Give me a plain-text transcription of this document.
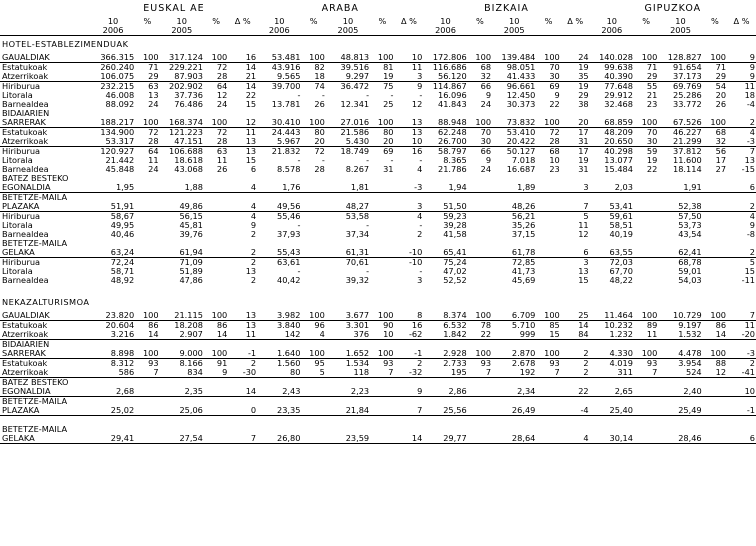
	EUSKAL AE					ARABA					BIZKAIA					GIPUZKOA				
	10	%	10	%	Δ %	10	%	10	%	Δ %	10	%	10	%	Δ %	10	%	10	%	Δ %
	2006		2005			2006		2005			2006		2005			2006		2005		
HOTEL-ESTABLEZIMENDUAK																				
GAUALDIAK	366.315	100	317.124	100	16	53.481	100	48.813	100	10	172.806	100	139.484	100	24	140.028	100	128.827	100	9
Estatukoak	260.240	71	229.221	72	14	43.916	82	39.516	81	11	116.686	68	98.051	70	19	99.638	71	91.654	71	9
Atzerrikoak	106.075	29	87.903	28	21	9.565	18	9.297	19	3	56.120	32	41.433	30	35	40.390	29	37.173	29	9
Hiriburua	232.215	63	202.902	64	14	39.700	74	36.472	75	9	114.867	66	96.661	69	19	77.648	55	69.769	54	11
Litorala	46.008	13	37.736	12	22	-	-	-	-	-	16.096	9	12.450	9	29	29.912	21	25.286	20	18
Barnealdea	88.092	24	76.486	24	15	13.781	26	12.341	25	12	41.843	24	30.373	22	38	32.468	23	33.772	26	-4
BIDAIARIEN																				
SARRERAK	188.217	100	168.374	100	12	30.410	100	27.016	100	13	88.948	100	73.832	100	20	68.859	100	67.526	100	2
Estatukoak	134.900	72	121.223	72	11	24.443	80	21.586	80	13	62.248	70	53.410	72	17	48.209	70	46.227	68	4
Atzerrikoak	53.317	28	47.151	28	13	5.967	20	5.430	20	10	26.700	30	20.422	28	31	20.650	30	21.299	32	-3
Hiriburua	120.927	64	106.688	63	13	21.832	72	18.749	69	16	58.797	66	50.127	68	17	40.298	59	37.812	56	7
Litorala	21.442	11	18.618	11	15	-	-	-	-	-	8.365	9	7.018	10	19	13.077	19	11.600	17	13
Barnealdea	45.848	24	43.068	26	6	8.578	28	8.267	31	4	21.786	24	16.687	23	31	15.484	22	18.114	27	-15
BATEZ BESTEKO																				
EGONALDIA	1,95		1,88		4	1,76		1,81		-3	1,94		1,89		3	2,03		1,91		6
BETETZE-MAILA																				
PLAZAKA	51,91		49,86		4	49,56		48,27		3	51,50		48,26		7	53,41		52,38		2
Hiriburua	58,67		56,15		4	55,46		53,58		4	59,23		56,21		5	59,61		57,50		4
Litorala	49,95		45,81		9	-		-		-	39,28		35,26		11	58,51		53,73		9
Barnealdea	40,46		39,76		2	37,93		37,34		2	41,58		37,15		12	40,19		43,54		-8
BETETZE-MAILA																				
GELAKA	63,24		61,94		2	55,43		61,31		-10	65,41		61,78		6	63,55		62,41		2
Hiriburua	72,24		71,09		2	63,61		70,61		-10	75,24		72,85		3	72,03		68,78		5
Litorala	58,71		51,89		13	-		-		-	47,02		41,73		13	67,70		59,01		15
Barnealdea	48,92		47,86		2	40,42		39,32		3	52,52		45,69		15	48,22		54,03		-11

NEKAZALTURISMOA																				
GAUALDIAK	23.820	100	21.115	100	13	3.982	100	3.677	100	8	8.374	100	6.709	100	25	11.464	100	10.729	100	7
Estatukoak	20.604	86	18.208	86	13	3.840	96	3.301	90	16	6.532	78	5.710	85	14	10.232	89	9.197	86	11
Atzerrikoak	3.216	14	2.907	14	11	142	4	376	10	-62	1.842	22	999	15	84	1.232	11	1.532	14	-20
BIDAIARIEN																				
SARRERAK	8.898	100	9.000	100	-1	1.640	100	1.652	100	-1	2.928	100	2.870	100	2	4.330	100	4.478	100	-3
Estatukoak	8.312	93	8.166	91	2	1.560	95	1.534	93	2	2.733	93	2.678	93	2	4.019	93	3.954	88	2
Atzerrikoak	586	7	834	9	-30	80	5	118	7	-32	195	7	192	7	2	311	7	524	12	-41
BATEZ BESTEKO																				
EGONALDIA	2,68		2,35		14	2,43		2,23		9	2,86		2,34		22	2,65		2,40		10
BETETZE-MAILA																				
PLAZAKA	25,02		25,06		0	23,35		21,84		7	25,56		26,49		-4	25,40		25,49		-1

BETETZE-MAILA																				
GELAKA	29,41		27,54		7	26,80		23,59		14	29,77		28,64		4	30,14		28,46		6
